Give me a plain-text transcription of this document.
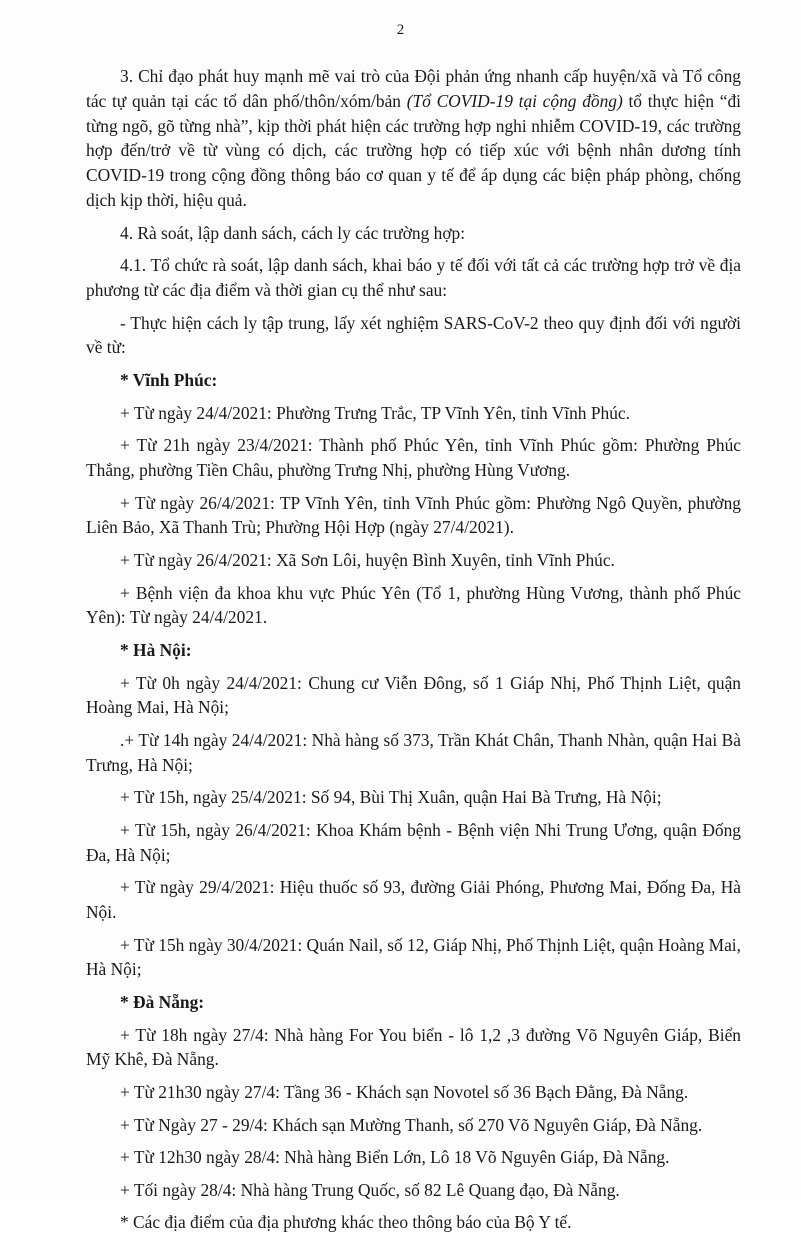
2

3. Chỉ đạo phát huy mạnh mẽ vai trò của Đội phản ứng nhanh cấp huyện/xã và Tổ công tác tự quản tại các tổ dân phố/thôn/xóm/bản (Tổ COVID-19 tại cộng đồng) tổ thực hiện “đi từng ngõ, gõ từng nhà”, kịp thời phát hiện các trường hợp nghi nhiễm COVID-19, các trường hợp đến/trở về từ vùng có dịch, các trường hợp có tiếp xúc với bệnh nhân dương tính COVID-19 trong cộng đồng thông báo cơ quan y tế để áp dụng các biện pháp phòng, chống dịch kịp thời, hiệu quả.

4. Rà soát, lập danh sách, cách ly các trường hợp:

4.1. Tổ chức rà soát, lập danh sách, khai báo y tế đối với tất cả các trường hợp trở về địa phương từ các địa điểm và thời gian cụ thể như sau:

- Thực hiện cách ly tập trung, lấy xét nghiệm SARS-CoV-2 theo quy định đối với người về từ:

* Vĩnh Phúc:

+ Từ ngày 24/4/2021: Phường Trưng Trắc, TP Vĩnh Yên, tỉnh Vĩnh Phúc.

+ Từ 21h ngày 23/4/2021: Thành phố Phúc Yên, tỉnh Vĩnh Phúc gồm: Phường Phúc Thắng, phường Tiền Châu, phường Trưng Nhị, phường Hùng Vương.

+ Từ ngày 26/4/2021: TP Vĩnh Yên, tỉnh Vĩnh Phúc gồm: Phường Ngô Quyền, phường Liên Bảo, Xã Thanh Trù; Phường Hội Hợp (ngày 27/4/2021).

+ Từ ngày 26/4/2021: Xã Sơn Lôi, huyện Bình Xuyên, tỉnh Vĩnh Phúc.

+ Bệnh viện đa khoa khu vực Phúc Yên (Tổ 1, phường Hùng Vương, thành phố Phúc Yên): Từ ngày 24/4/2021.

* Hà Nội:

+ Từ 0h ngày 24/4/2021: Chung cư Viễn Đông, số 1 Giáp Nhị, Phố Thịnh Liệt, quận Hoàng Mai, Hà Nội;

.+ Từ 14h ngày 24/4/2021: Nhà hàng số 373, Trần Khát Chân, Thanh Nhàn, quận Hai Bà Trưng, Hà Nội;

+ Từ 15h, ngày 25/4/2021: Số 94, Bùi Thị Xuân, quận Hai Bà Trưng, Hà Nội;

+ Từ 15h, ngày 26/4/2021: Khoa Khám bệnh - Bệnh viện Nhi Trung Ương, quận Đống Đa, Hà Nội;

+ Từ ngày 29/4/2021: Hiệu thuốc số 93, đường Giải Phóng, Phương Mai, Đống Đa, Hà Nội.

+ Từ 15h ngày 30/4/2021: Quán Nail, số 12, Giáp Nhị, Phố Thịnh Liệt, quận Hoàng Mai, Hà Nội;

* Đà Nẵng:

+ Từ 18h ngày 27/4: Nhà hàng For You biển - lô 1,2 ,3 đường Võ Nguyên Giáp, Biển Mỹ Khê, Đà Nẵng.

+ Từ 21h30 ngày 27/4: Tầng 36 - Khách sạn Novotel số 36 Bạch Đằng, Đà Nẵng.

+ Từ Ngày 27 - 29/4: Khách sạn Mường Thanh, số 270 Võ Nguyên Giáp, Đà Nẵng.

+ Từ 12h30 ngày 28/4: Nhà hàng Biển Lớn, Lô 18 Võ Nguyên Giáp, Đà Nẵng.

+ Tối ngày 28/4: Nhà hàng Trung Quốc, số 82 Lê Quang đạo, Đà Nẵng.

* Các địa điểm của địa phương khác theo thông báo của Bộ Y tế.
